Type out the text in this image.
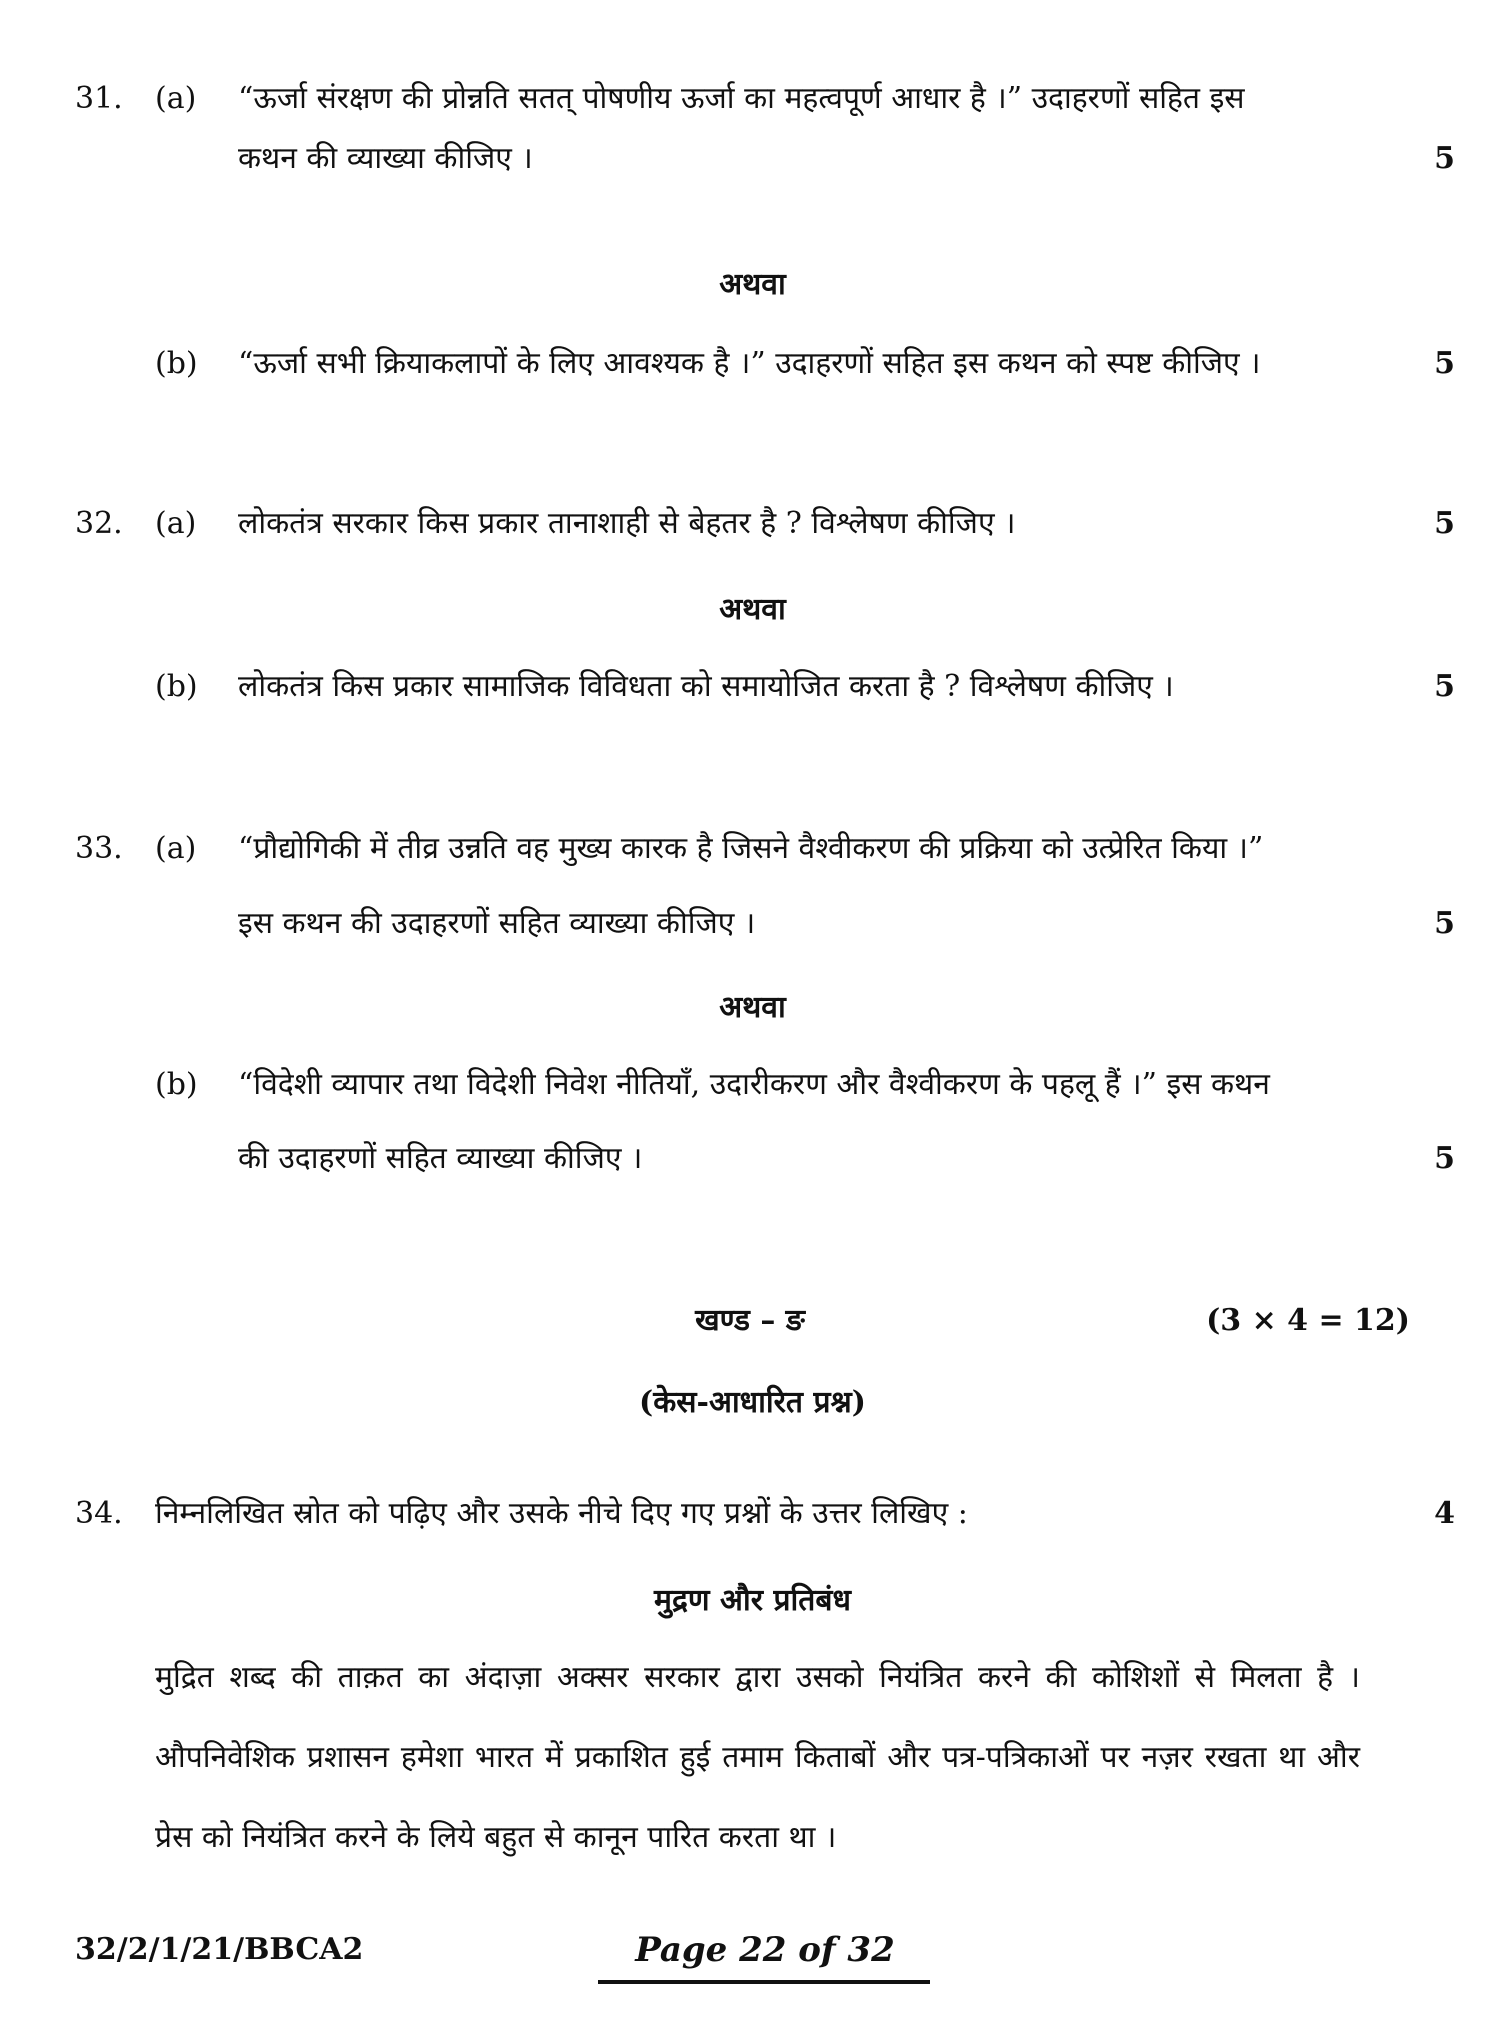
31. (a) “ऊर्जा संरक्षण की प्रोन्नति सतत् पोषणीय ऊर्जा का महत्वपूर्ण आधार है ।” उदाहरणों सहित इस
कथन की व्याख्या कीजिए ।	5
अथवा
(b) “ऊर्जा सभी क्रियाकलापों के लिए आवश्यक है ।” उदाहरणों सहित इस कथन को स्पष्ट कीजिए ।	5
32. (a) लोकतंत्र सरकार किस प्रकार तानाशाही से बेहतर है ? विश्लेषण कीजिए ।	5
अथवा
(b) लोकतंत्र किस प्रकार सामाजिक विविधता को समायोजित करता है ? विश्लेषण कीजिए ।	5
33. (a) “प्रौद्योगिकी में तीव्र उन्नति वह मुख्य कारक है जिसने वैश्वीकरण की प्रक्रिया को उत्प्रेरित किया ।”
इस कथन की उदाहरणों सहित व्याख्या कीजिए ।	5
अथवा
(b) “विदेशी व्यापार तथा विदेशी निवेश नीतियाँ, उदारीकरण और वैश्वीकरण के पहलू हैं ।” इस कथन
की उदाहरणों सहित व्याख्या कीजिए ।	5
खण्ड – ङ	(3 × 4 = 12)
(केस-आधारित प्रश्न)
34. निम्नलिखित स्रोत को पढ़िए और उसके नीचे दिए गए प्रश्नों के उत्तर लिखिए :	4
मुद्रण और प्रतिबंध
मुद्रित शब्द की ताक़त का अंदाज़ा अक्सर सरकार द्वारा उसको नियंत्रित करने की कोशिशों से मिलता है । औपनिवेशिक प्रशासन हमेशा भारत में प्रकाशित हुई तमाम किताबों और पत्र-पत्रिकाओं पर नज़र रखता था और प्रेस को नियंत्रित करने के लिये बहुत से कानून पारित करता था ।
32/2/1/21/BBCA2	Page 22 of 32
